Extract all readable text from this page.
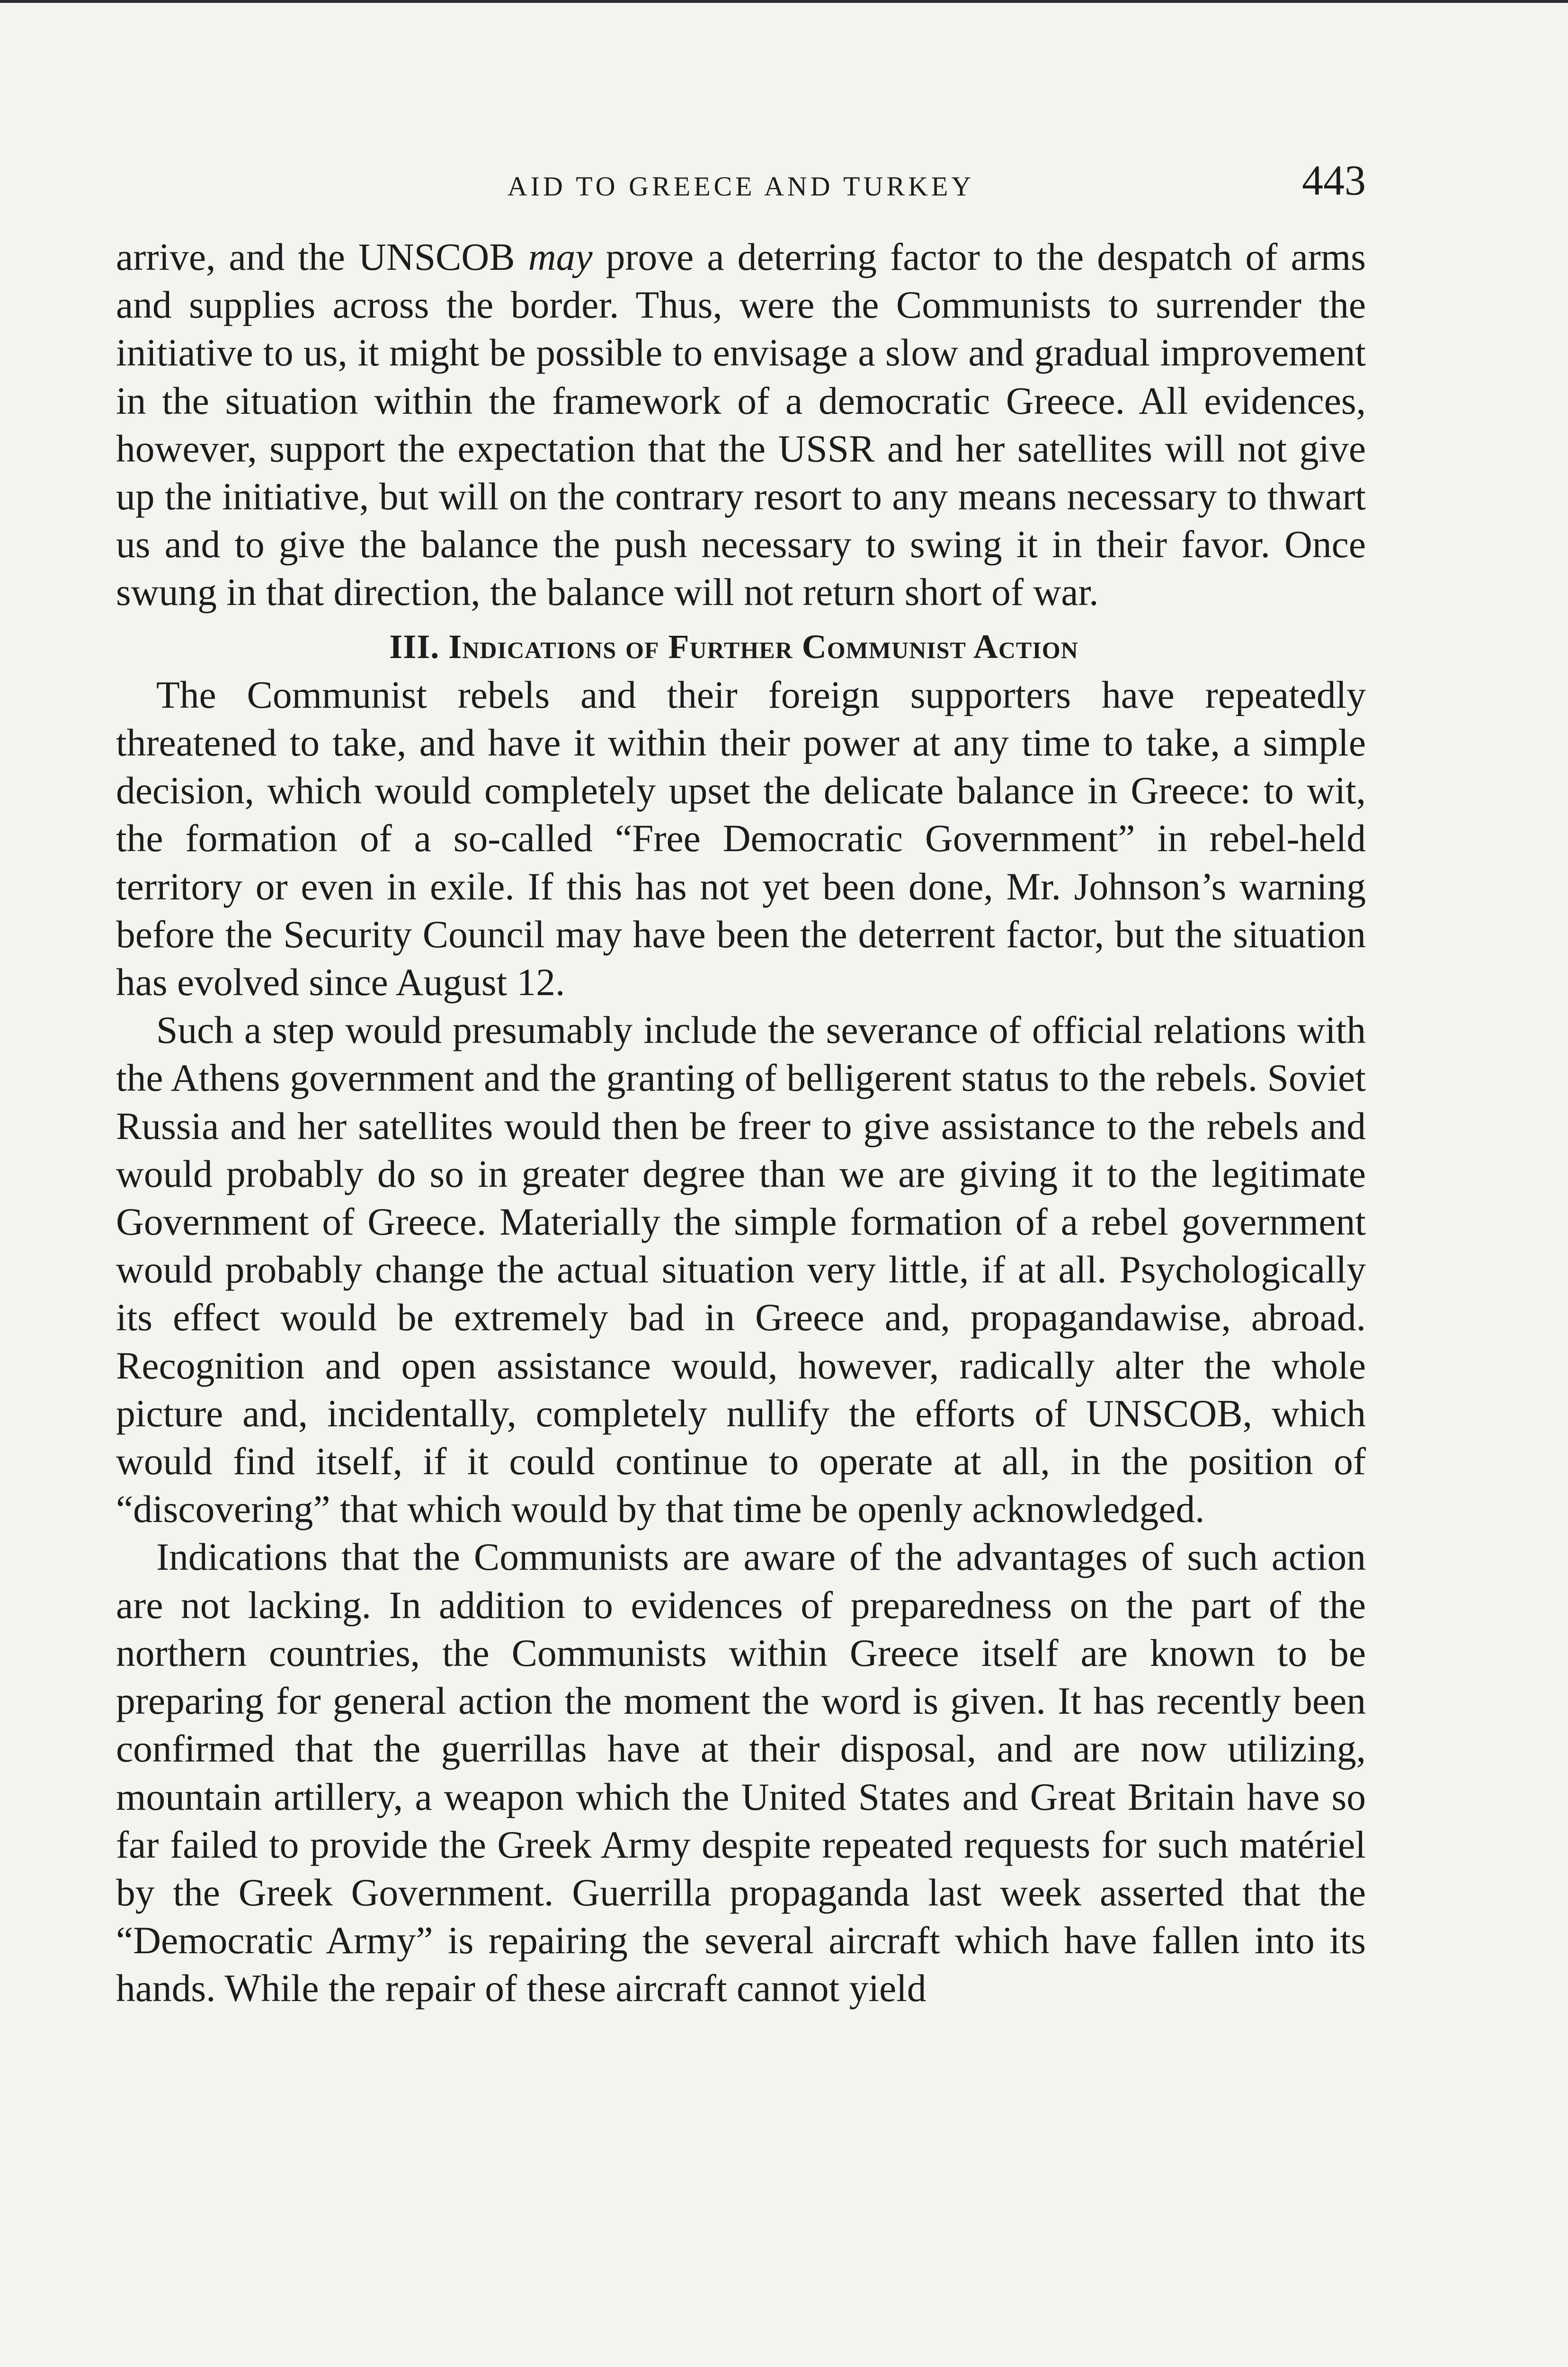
AID TO GREECE AND TURKEY	443

arrive, and the UNSCOB may prove a deterring factor to the despatch of arms and supplies across the border. Thus, were the Communists to surrender the initiative to us, it might be possible to envisage a slow and gradual improvement in the situation within the framework of a democratic Greece. All evidences, however, support the expectation that the USSR and her satellites will not give up the initiative, but will on the contrary resort to any means necessary to thwart us and to give the balance the push necessary to swing it in their favor. Once swung in that direction, the balance will not return short of war.

III. Indications of Further Communist Action

The Communist rebels and their foreign supporters have repeatedly threatened to take, and have it within their power at any time to take, a simple decision, which would completely upset the delicate balance in Greece: to wit, the formation of a so-called “Free Democratic Government” in rebel-held territory or even in exile. If this has not yet been done, Mr. Johnson’s warning before the Security Council may have been the deterrent factor, but the situation has evolved since August 12.

Such a step would presumably include the severance of official relations with the Athens government and the granting of belligerent status to the rebels. Soviet Russia and her satellites would then be freer to give assistance to the rebels and would probably do so in greater degree than we are giving it to the legitimate Government of Greece. Materially the simple formation of a rebel government would probably change the actual situation very little, if at all. Psychologically its effect would be extremely bad in Greece and, propagandawise, abroad. Recognition and open assistance would, however, radically alter the whole picture and, incidentally, completely nullify the efforts of UNSCOB, which would find itself, if it could continue to operate at all, in the position of “discovering” that which would by that time be openly acknowledged.

Indications that the Communists are aware of the advantages of such action are not lacking. In addition to evidences of preparedness on the part of the northern countries, the Communists within Greece itself are known to be preparing for general action the moment the word is given. It has recently been confirmed that the guerrillas have at their disposal, and are now utilizing, mountain artillery, a weapon which the United States and Great Britain have so far failed to provide the Greek Army despite repeated requests for such matériel by the Greek Government. Guerrilla propaganda last week asserted that the “Democratic Army” is repairing the several aircraft which have fallen into its hands. While the repair of these aircraft cannot yield
